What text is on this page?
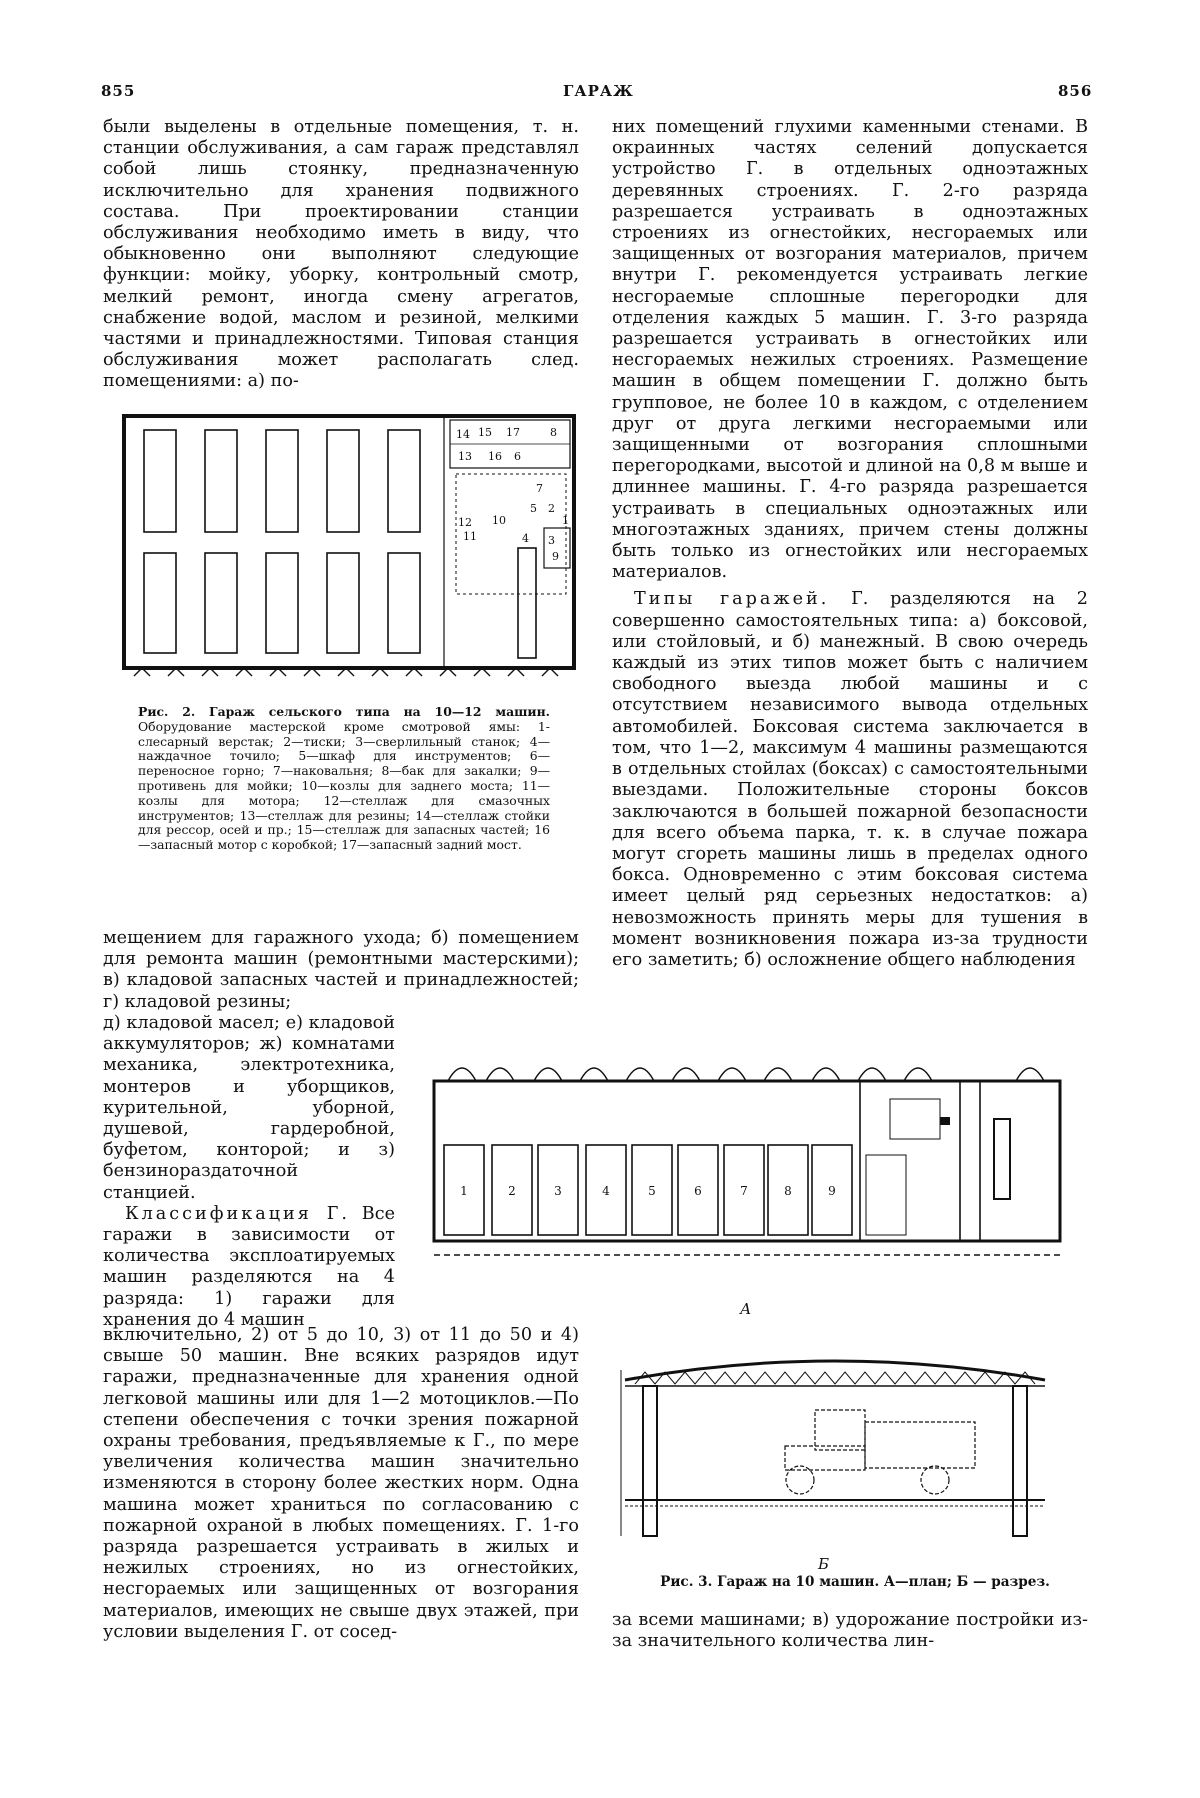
855	ГАРАЖ	856

были выделены в отдельные помещения, т. н. станции обслуживания, а сам гараж представлял собой лишь стоянку, предназначенную исключительно для хранения подвижного состава. При проектировании станции обслуживания необходимо иметь в виду, что обыкновенно они выполняют следующие функции: мойку, уборку, контрольный смотр, мелкий ремонт, иногда смену агрегатов, снабжение водой, маслом и резиной, мелкими частями и принадлежностями. Типовая станция обслуживания может располагать след. помещениями: а) по-

14 15 17	8
13 16 6
7
10
12
11
5 2
3
4
1
9
Рис. 2. Гараж сельского типа на 10—12 машин. Оборудование мастерской кроме смотровой ямы: 1- слесарный верстак; 2—тиски; 3—сверлильный станок; 4—наждачное точило; 5—шкаф для инструментов; 6—переносное горно; 7—наковальня; 8—бак для закалки; 9—противень для мойки; 10—козлы для заднего моста; 11—козлы для мотора; 12—стеллаж для смазочных инструментов; 13—стеллаж для резины; 14—стеллаж стойки для рессор, осей и пр.; 15—стеллаж для запасных частей; 16—запасный мотор с коробкой; 17—запасный задний мост.

мещением для гаражного ухода; б) помещением для ремонта машин (ремонтными мастерскими); в) кладовой запасных частей и принадлежностей; г) кладовой резины;

д) кладовой масел; е) кладовой аккумуляторов; ж) комнатами механика, электротехника, монтеров и уборщиков, курительной, уборной, душевой, гардеробной, буфетом, конторой; и з) бензинораздаточной станцией.

Классификация Г. Все гаражи в зависимости от количества эксплоатируемых машин разделяются на 4 разряда: 1) гаражи для хранения до 4 машин

включительно, 2) от 5 до 10, 3) от 11 до 50 и 4) свыше 50 машин. Вне всяких разрядов идут гаражи, предназначенные для хранения одной легковой машины или для 1—2 мотоциклов.—По степени обеспечения с точки зрения пожарной охраны требования, предъявляемые к Г., по мере увеличения количества машин значительно изменяются в сторону более жестких норм. Одна машина может храниться по согласованию с пожарной охраной в любых помещениях. Г. 1-го разряда разрешается устраивать в жилых и нежилых строениях, но из огнестойких, несгораемых или защищенных от возгорания материалов, имеющих не свыше двух этажей, при условии выделения Г. от сосед-

них помещений глухими каменными стенами. В окраинных частях селений допускается устройство Г. в отдельных одноэтажных деревянных строениях. Г. 2-го разряда разрешается устраивать в одноэтажных строениях из огнестойких, несгораемых или защищенных от возгорания материалов, причем внутри Г. рекомендуется устраивать легкие несгораемые сплошные перегородки для отделения каждых 5 машин. Г. 3-го разряда разрешается устраивать в огнестойких или несгораемых нежилых строениях. Размещение машин в общем помещении Г. должно быть групповое, не более 10 в каждом, с отделением друг от друга легкими несгораемыми или защищенными от возгорания сплошными перегородками, высотой и длиной на 0,8 м выше и длиннее машины. Г. 4-го разряда разрешается устраивать в специальных одноэтажных или многоэтажных зданиях, причем стены должны быть только из огнестойких или несгораемых материалов.

Типы гаражей. Г. разделяются на 2 совершенно самостоятельных типа: а) боксовой, или стойловый, и б) манежный. В свою очередь каждый из этих типов может быть с наличием свободного выезда любой машины и с отсутствием независимого вывода отдельных автомобилей. Боксовая система заключается в том, что 1—2, максимум 4 машины размещаются в отдельных стойлах (боксах) с самостоятельными выездами. Положительные стороны боксов заключаются в большей пожарной безопасности для всего объема парка, т. к. в случае пожара могут сгореть машины лишь в пределах одного бокса. Одновременно с этим боксовая система имеет целый ряд серьезных недостатков: а) невозможность принять меры для тушения в момент возникновения пожара из-за трудности его заметить; б) осложнение общего наблюдения

1	2	3	4	5	6	7	8	9
А
Б
Рис. 3. Гараж на 10 машин. А—план; Б — разрез.

за всеми машинами; в) удорожание постройки из-за значительного количества лин-
